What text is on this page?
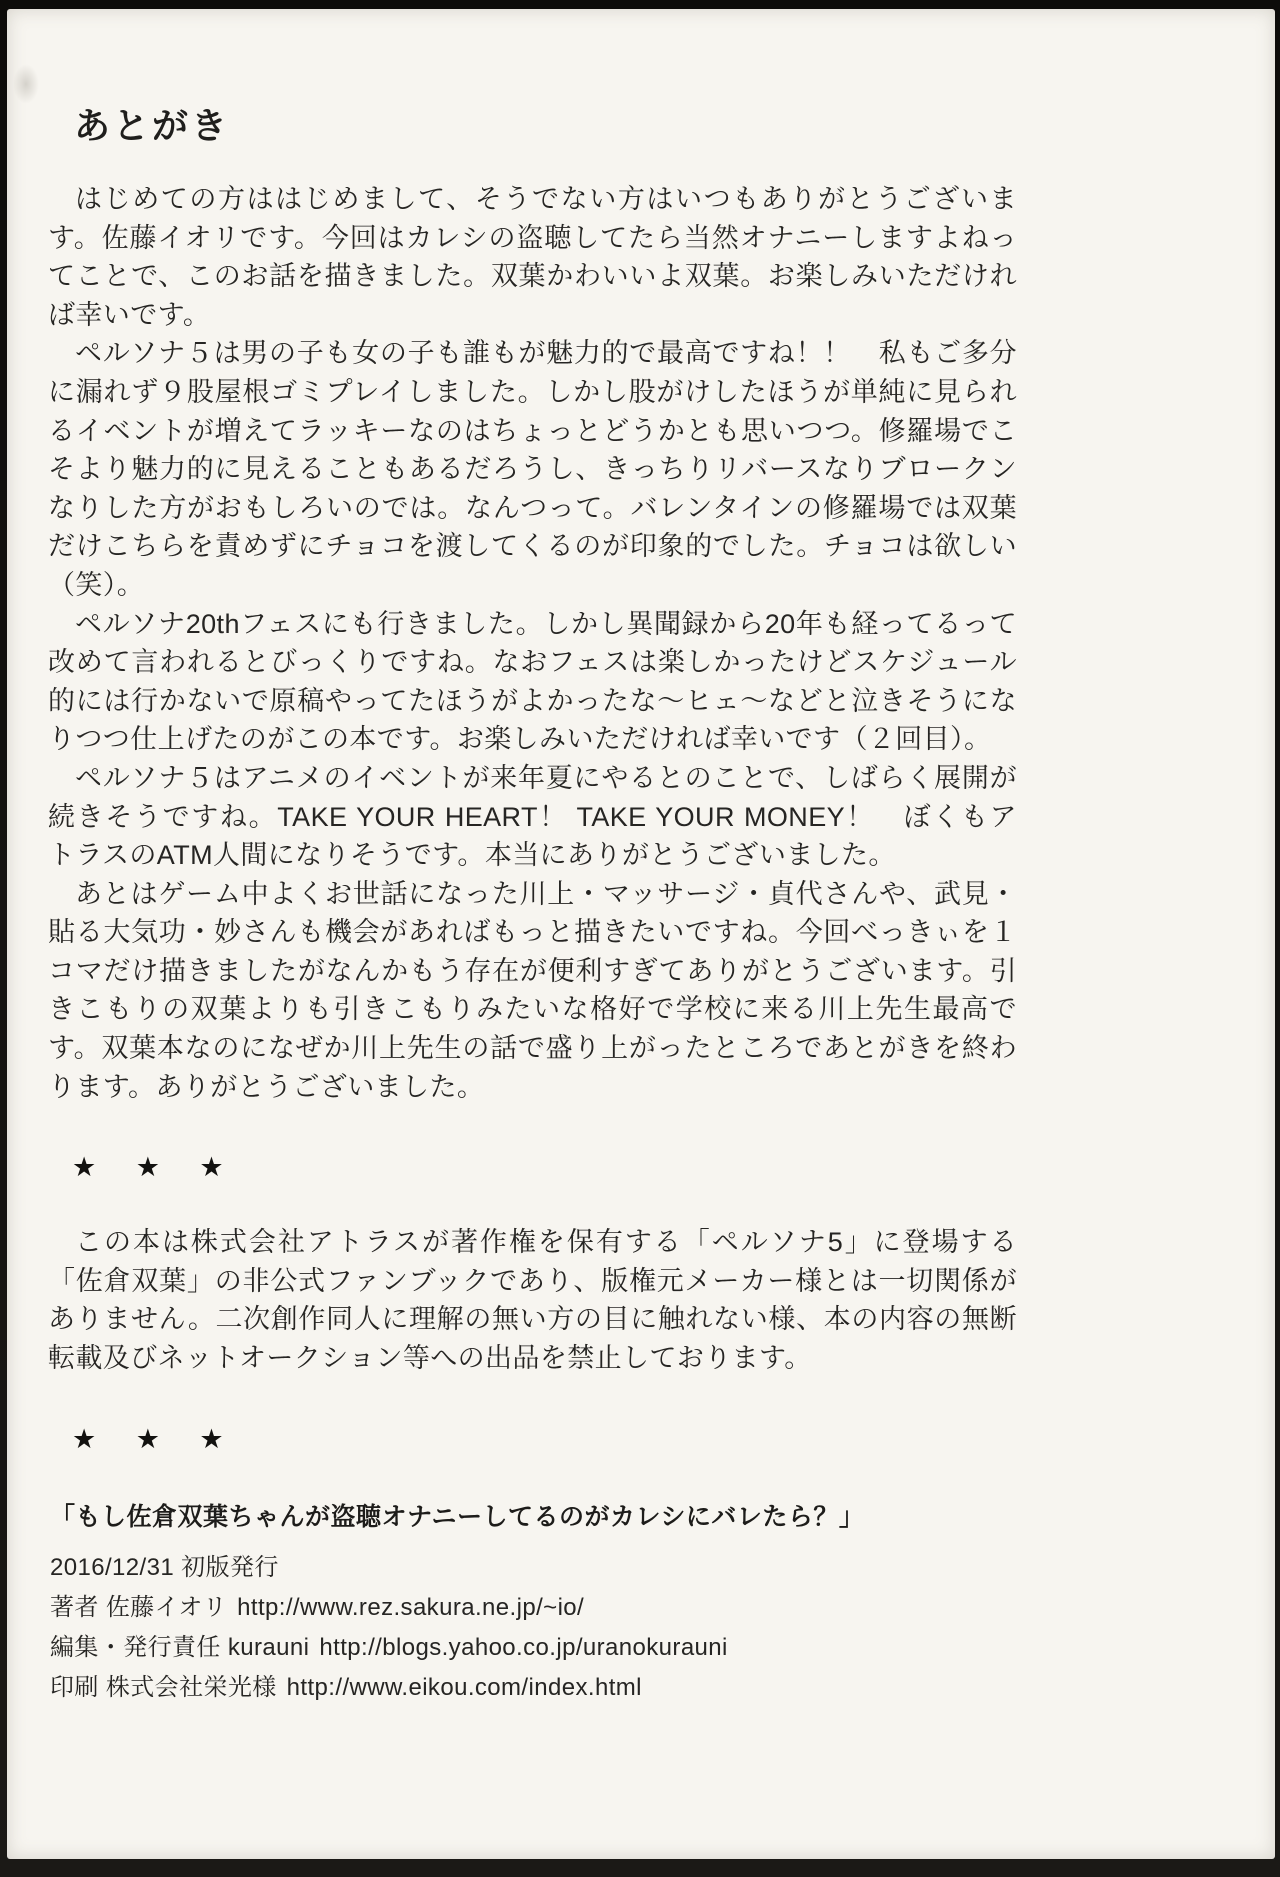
あとがき

はじめての方ははじめまして、そうでない方はいつもありがとうございます。佐藤イオリです。今回はカレシの盗聴してたら当然オナニーしますよねってことで、このお話を描きました。双葉かわいいよ双葉。お楽しみいただければ幸いです。

ペルソナ５は男の子も女の子も誰もが魅力的で最高ですね！！　私もご多分に漏れず９股屋根ゴミプレイしました。しかし股がけしたほうが単純に見られるイベントが増えてラッキーなのはちょっとどうかとも思いつつ。修羅場でこそより魅力的に見えることもあるだろうし、きっちりリバースなりブロークンなりした方がおもしろいのでは。なんつって。バレンタインの修羅場では双葉だけこちらを責めずにチョコを渡してくるのが印象的でした。チョコは欲しい（笑）。

ペルソナ20thフェスにも行きました。しかし異聞録から20年も経ってるって改めて言われるとびっくりですね。なおフェスは楽しかったけどスケジュール的には行かないで原稿やってたほうがよかったな〜ヒェ〜などと泣きそうになりつつ仕上げたのがこの本です。お楽しみいただければ幸いです（２回目）。

ペルソナ５はアニメのイベントが来年夏にやるとのことで、しばらく展開が続きそうですね。TAKE YOUR HEART！ TAKE YOUR MONEY！　ぼくもアトラスのATM人間になりそうです。本当にありがとうございました。

あとはゲーム中よくお世話になった川上・マッサージ・貞代さんや、武見・貼る大気功・妙さんも機会があればもっと描きたいですね。今回べっきぃを１コマだけ描きましたがなんかもう存在が便利すぎてありがとうございます。引きこもりの双葉よりも引きこもりみたいな格好で学校に来る川上先生最高です。双葉本なのになぜか川上先生の話で盛り上がったところであとがきを終わります。ありがとうございました。

★ ★ ★

この本は株式会社アトラスが著作権を保有する「ペルソナ5」に登場する「佐倉双葉」の非公式ファンブックであり、版権元メーカー様とは一切関係がありません。二次創作同人に理解の無い方の目に触れない様、本の内容の無断転載及びネットオークション等への出品を禁止しております。

★ ★ ★
「もし佐倉双葉ちゃんが盗聴オナニーしてるのがカレシにバレたら？」
2016/12/31 初版発行
著者 佐藤イオリ http://www.rez.sakura.ne.jp/~io/
編集・発行責任 kurauni http://blogs.yahoo.co.jp/uranokurauni
印刷 株式会社栄光様 http://www.eikou.com/index.html
